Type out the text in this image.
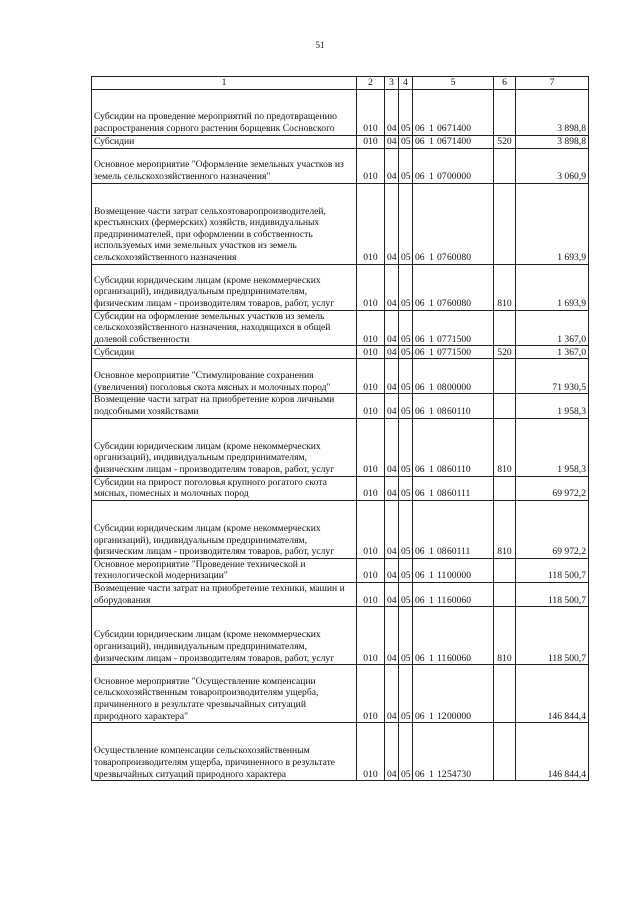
51
1	2	3	4	5	6	7
Субсидии на проведение мероприятий по предотвращению распространения сорного растения борщевик Сосновского	010	04	05	06 1 0671400		3 898,8
Субсидии	010	04	05	06 1 0671400	520	3 898,8
Основное мероприятие "Оформление земельных участков из земель сельскохозяйственного назначения"	010	04	05	06 1 0700000		3 060,9
Возмещение части затрат сельхозтоваропроизводителей, крестьянских (фермерских) хозяйств, индивидуальных предпринимателей, при оформлении в собственность используемых ими земельных участков из земель сельскохозяйственного назначения	010	04	05	06 1 0760080		1 693,9
Субсидии юридическим лицам (кроме некоммерческих организаций), индивидуальным предпринимателям, физическим лицам - производителям товаров, работ, услуг	010	04	05	06 1 0760080	810	1 693,9
Субсидии на оформление земельных участков из земель сельскохозяйственного назначения, находящихся в общей долевой собственности	010	04	05	06 1 0771500		1 367,0
Субсидии	010	04	05	06 1 0771500	520	1 367,0
Основное мероприятие "Стимулирование сохранения (увеличения) поголовья скота мясных и молочных пород"	010	04	05	06 1 0800000		71 930,5
Возмещение части затрат на приобретение коров личными подсобными хозяйствами	010	04	05	06 1 0860110		1 958,3
Субсидии юридическим лицам (кроме некоммерческих организаций), индивидуальным предпринимателям, физическим лицам - производителям товаров, работ, услуг	010	04	05	06 1 0860110	810	1 958,3
Субсидии на прирост поголовья крупного рогатого скота мясных, помесных и молочных пород	010	04	05	06 1 0860111		69 972,2
Субсидии юридическим лицам (кроме некоммерческих организаций), индивидуальным предпринимателям, физическим лицам - производителям товаров, работ, услуг	010	04	05	06 1 0860111	810	69 972,2
Основное мероприятие "Проведение технической и технологической модернизации"	010	04	05	06 1 1100000		118 500,7
Возмещение части затрат на приобретение техники, машин и оборудования	010	04	05	06 1 1160060		118 500,7
Субсидии юридическим лицам (кроме некоммерческих организаций), индивидуальным предпринимателям, физическим лицам - производителям товаров, работ, услуг	010	04	05	06 1 1160060	810	118 500,7
Основное мероприятие "Осуществление компенсации сельскохозяйственным товаропроизводителям ущерба, причиненного в результате чрезвычайных ситуаций природного характера"	010	04	05	06 1 1200000		146 844,4
Осуществление компенсации сельскохозяйственным товаропроизводителям ущерба, причиненного в результате чрезвычайных ситуаций природного характера	010	04	05	06 1 1254730		146 844,4
